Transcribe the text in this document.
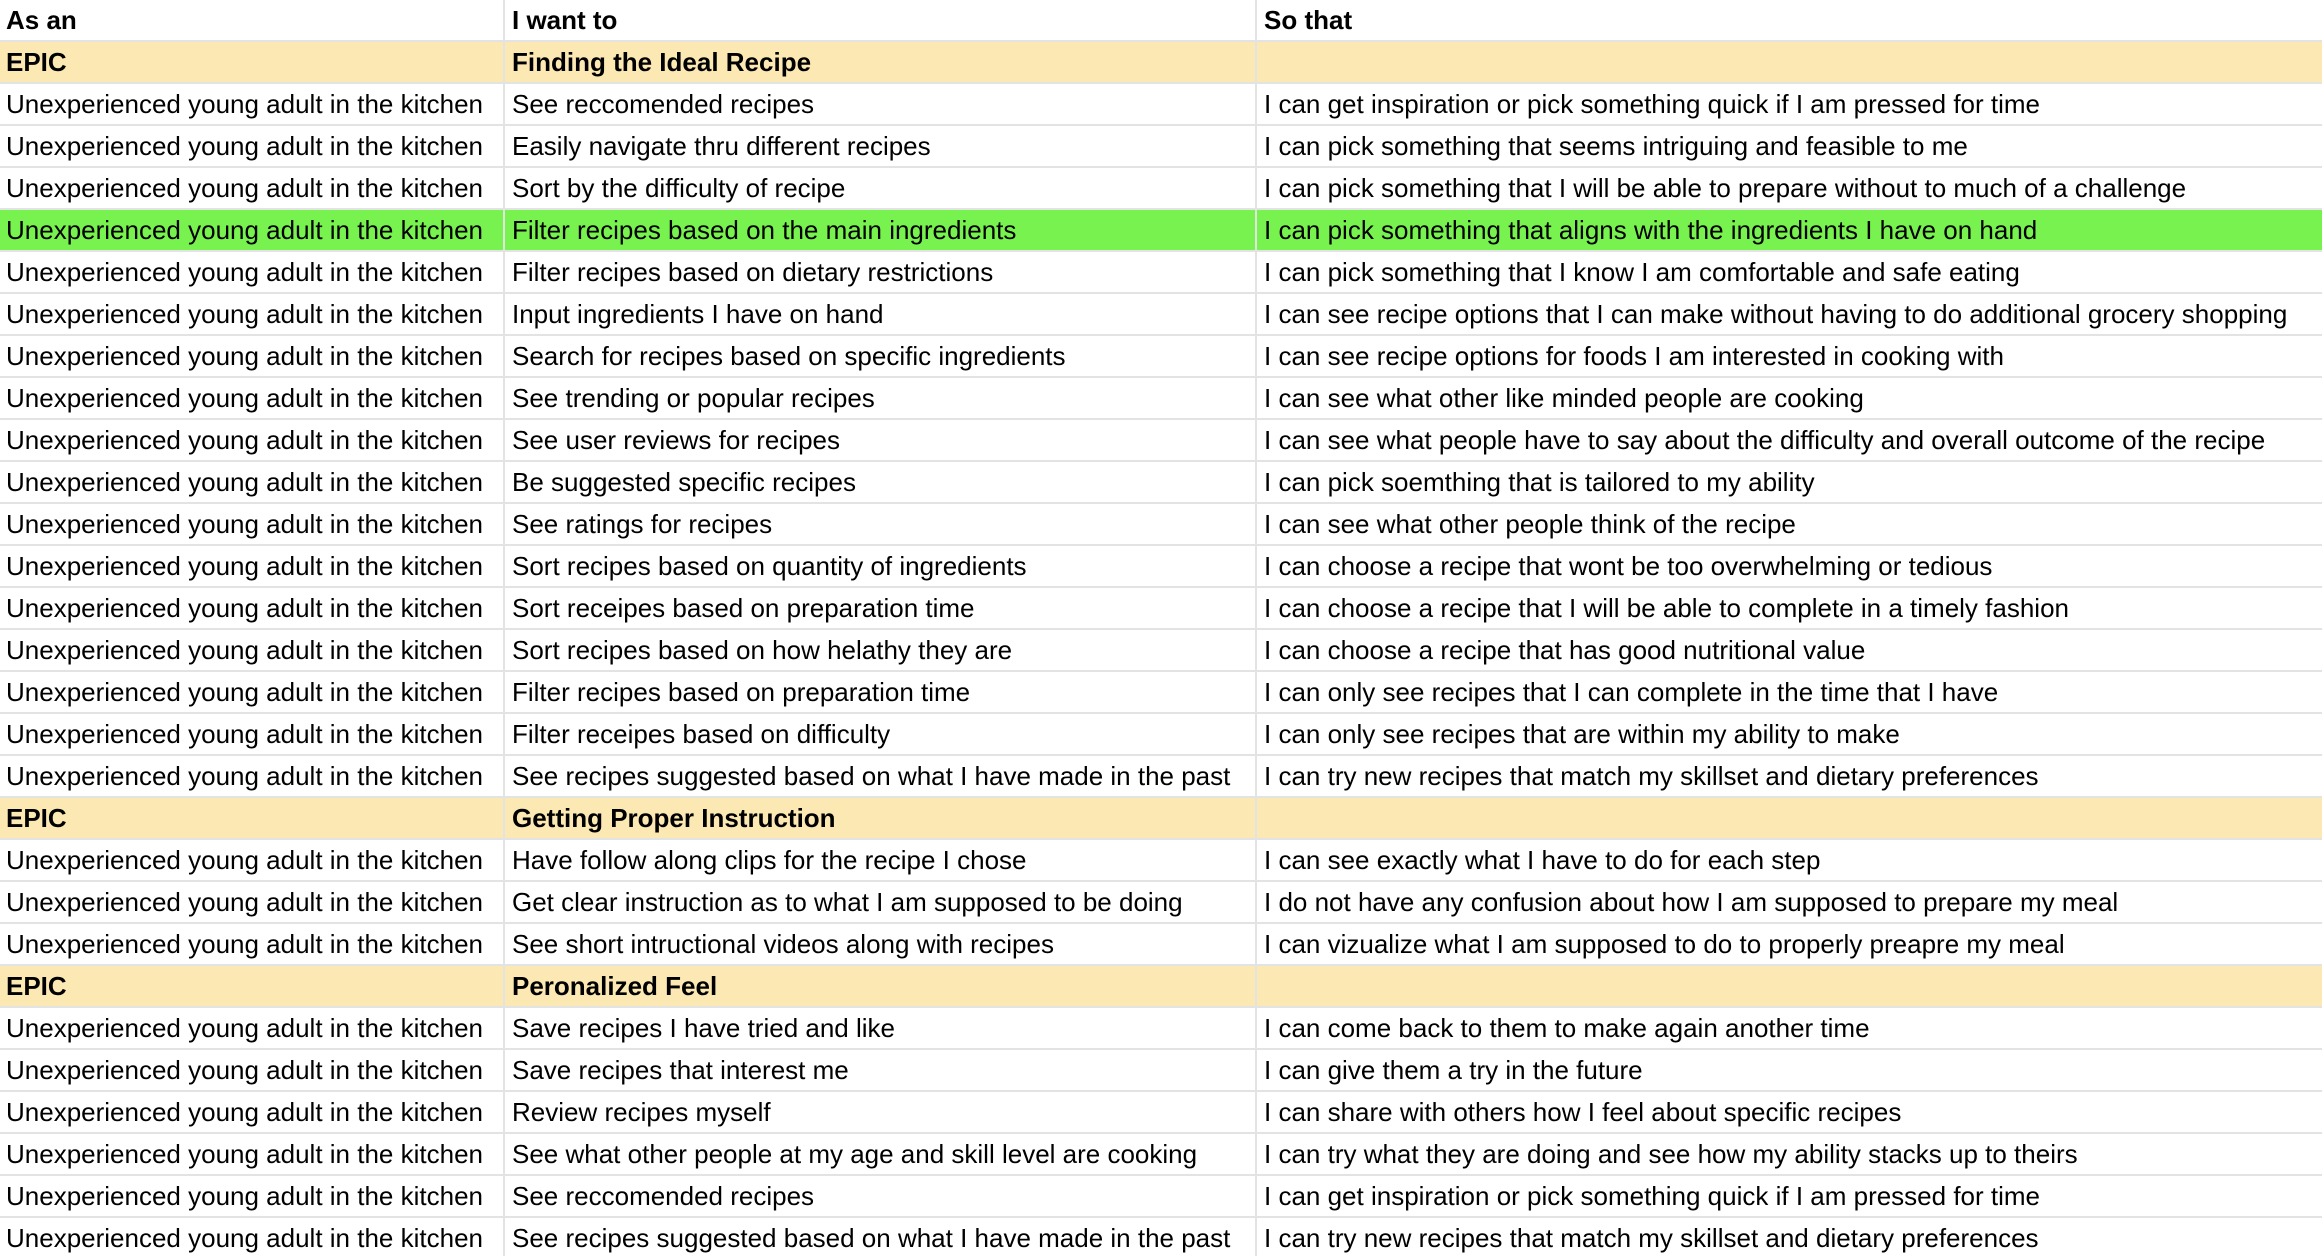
As an	I want to	So that
EPIC	Finding the Ideal Recipe
Unexperienced young adult in the kitchen	See reccomended recipes	I can get inspiration or pick something quick if I am pressed for time
Unexperienced young adult in the kitchen	Easily navigate thru different recipes	I can pick something that seems intriguing and feasible to me
Unexperienced young adult in the kitchen	Sort by the difficulty of recipe	I can pick something that I will be able to prepare without to much of a challenge
Unexperienced young adult in the kitchen	Filter recipes based on the main ingredients	I can pick something that aligns with the ingredients I have on hand
Unexperienced young adult in the kitchen	Filter recipes based on dietary restrictions	I can pick something that I know I am comfortable and safe eating
Unexperienced young adult in the kitchen	Input ingredients I have on hand	I can see recipe options that I can make without having to do additional grocery shopping
Unexperienced young adult in the kitchen	Search for recipes based on specific ingredients	I can see recipe options for foods I am interested in cooking with
Unexperienced young adult in the kitchen	See trending or popular recipes	I can see what other like minded people are cooking
Unexperienced young adult in the kitchen	See user reviews for recipes	I can see what people have to say about the difficulty and overall outcome of the recipe
Unexperienced young adult in the kitchen	Be suggested specific recipes	I can pick soemthing that is tailored to my ability
Unexperienced young adult in the kitchen	See ratings for recipes	I can see what other people think of the recipe
Unexperienced young adult in the kitchen	Sort recipes based on quantity of ingredients	I can choose a recipe that wont be too overwhelming or tedious
Unexperienced young adult in the kitchen	Sort receipes based on preparation time	I can choose a recipe that I will be able to complete in a timely fashion
Unexperienced young adult in the kitchen	Sort recipes based on how helathy they are	I can choose a recipe that has good nutritional value
Unexperienced young adult in the kitchen	Filter recipes based on preparation time	I can only see recipes that I can complete in the time that I have
Unexperienced young adult in the kitchen	Filter receipes based on difficulty	I can only see recipes that are within my ability to make
Unexperienced young adult in the kitchen	See recipes suggested based on what I have made in the past	I can try new recipes that match my skillset and dietary preferences
EPIC	Getting Proper Instruction
Unexperienced young adult in the kitchen	Have follow along clips for the recipe I chose	I can see exactly what I have to do for each step
Unexperienced young adult in the kitchen	Get clear instruction as to what I am supposed to be doing	I do not have any confusion about how I am supposed to prepare my meal
Unexperienced young adult in the kitchen	See short intructional videos along with recipes	I can vizualize what I am supposed to do to properly preapre my meal
EPIC	Peronalized Feel
Unexperienced young adult in the kitchen	Save recipes I have tried and like	I can come back to them to make again another time
Unexperienced young adult in the kitchen	Save recipes that interest me	I can give them a try in the future
Unexperienced young adult in the kitchen	Review recipes myself	I can share with others how I feel about specific recipes
Unexperienced young adult in the kitchen	See what other people at my age and skill level are cooking	I can try what they are doing and see how my ability stacks up to theirs
Unexperienced young adult in the kitchen	See reccomended recipes	I can get inspiration or pick something quick if I am pressed for time
Unexperienced young adult in the kitchen	See recipes suggested based on what I have made in the past	I can try new recipes that match my skillset and dietary preferences
